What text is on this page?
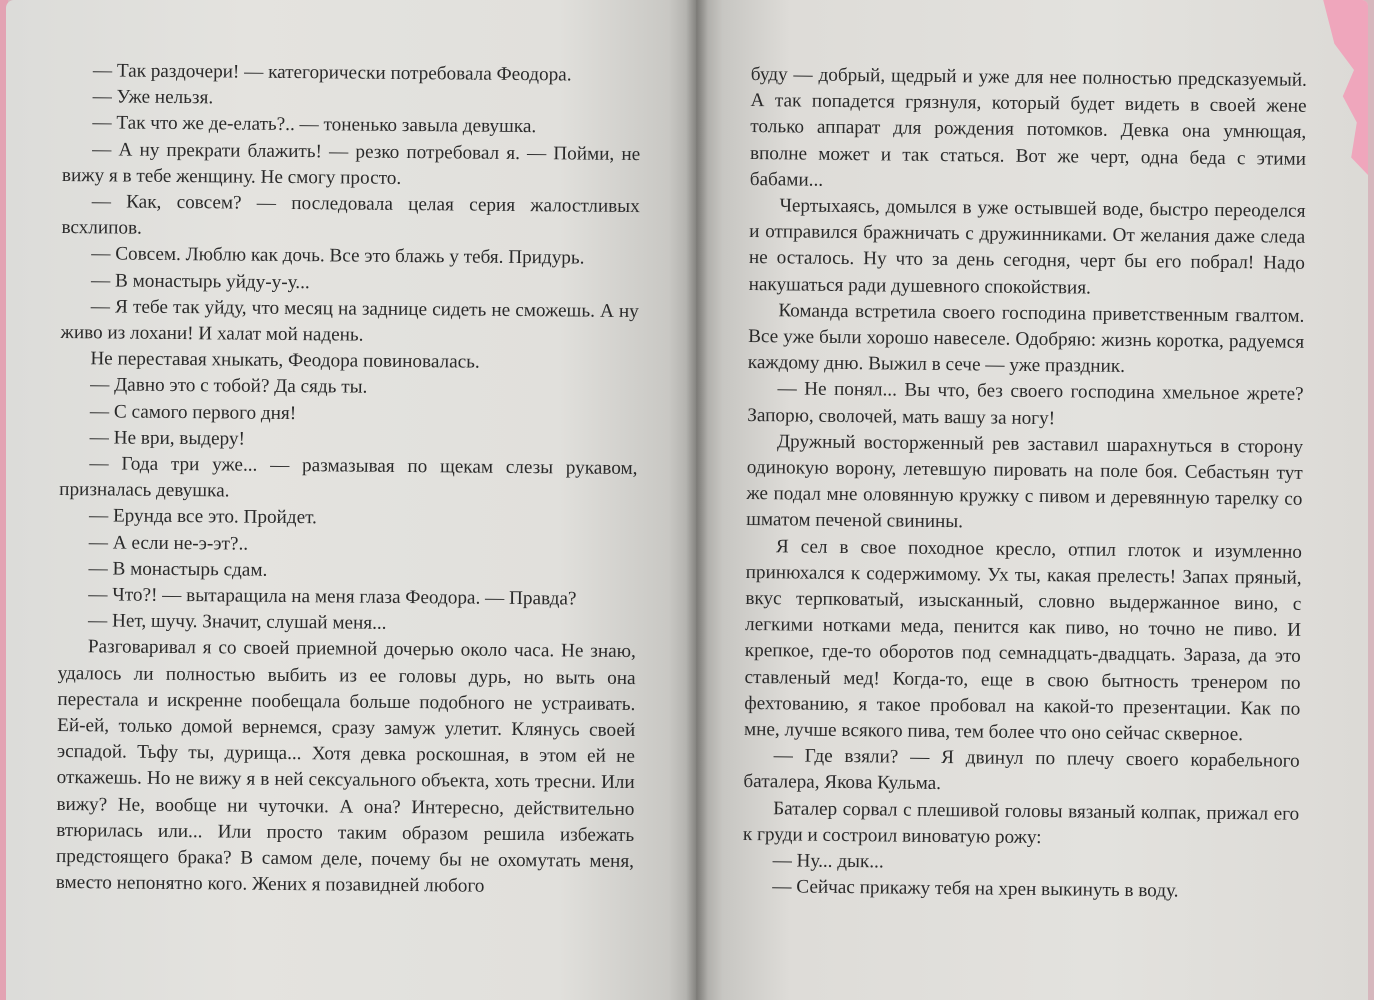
— Так раздочери! — категорически потребовала Феодора.

— Уже нельзя.

— Так что же де-елать?.. — тоненько завыла девушка.

— А ну прекрати блажить! — резко потребовал я. — Пойми, не вижу я в тебе женщину. Не смогу просто.

— Как, совсем? — последовала целая серия жалостливых всхлипов.

— Совсем. Люблю как дочь. Все это блажь у тебя. Придурь.

— В монастырь уйду-у-у...

— Я тебе так уйду, что месяц на заднице сидеть не сможешь. А ну живо из лохани! И халат мой надень.

Не переставая хныкать, Феодора повиновалась.

— Давно это с тобой? Да сядь ты.

— С самого первого дня!

— Не ври, выдеру!

— Года три уже... — размазывая по щекам слезы рукавом, призналась девушка.

— Ерунда все это. Пройдет.

— А если не-э-эт?..

— В монастырь сдам.

— Что?! — вытаращила на меня глаза Феодора. — Правда?

— Нет, шучу. Значит, слушай меня...

Разговаривал я со своей приемной дочерью около часа. Не знаю, удалось ли полностью выбить из ее головы дурь, но выть она перестала и искренне пообещала больше подобного не устраивать. Ей-ей, только домой вернемся, сразу замуж улетит. Клянусь своей эспадой. Тьфу ты, дурища... Хотя девка роскошная, в этом ей не откажешь. Но не вижу я в ней сексуального объекта, хоть тресни. Или вижу? Не, вообще ни чуточки. А она? Интересно, действительно втюрилась или... Или просто таким образом решила избежать предстоящего брака? В самом деле, почему бы не охомутать меня, вместо непонятно кого. Жених я позавидней любого

буду — добрый, щедрый и уже для нее полностью предсказуемый. А так попадется грязнуля, который будет видеть в своей жене только аппарат для рождения потомков. Девка она умнющая, вполне может и так статься. Вот же черт, одна беда с этими бабами...

Чертыхаясь, домылся в уже остывшей воде, быстро переоделся и отправился бражничать с дружинниками. От желания даже следа не осталось. Ну что за день сегодня, черт бы его побрал! Надо накушаться ради душевного спокойствия.

Команда встретила своего господина приветственным гвалтом. Все уже были хорошо навеселе. Одобряю: жизнь коротка, радуемся каждому дню. Выжил в сече — уже праздник.

— Не понял... Вы что, без своего господина хмельное жрете? Запорю, сволочей, мать вашу за ногу!

Дружный восторженный рев заставил шарахнуться в сторону одинокую ворону, летевшую пировать на поле боя. Себастьян тут же подал мне оловянную кружку с пивом и деревянную тарелку со шматом печеной свинины.

Я сел в свое походное кресло, отпил глоток и изумленно принюхался к содержимому. Ух ты, какая прелесть! Запах пряный, вкус терпковатый, изысканный, словно выдержанное вино, с легкими нотками меда, пенится как пиво, но точно не пиво. И крепкое, где-то оборотов под семнадцать-двадцать. Зараза, да это ставленый мед! Когда-то, еще в свою бытность тренером по фехтованию, я такое пробовал на какой-то презентации. Как по мне, лучше всякого пива, тем более что оно сейчас скверное.

— Где взяли? — Я двинул по плечу своего корабельного баталера, Якова Кульма.

Баталер сорвал с плешивой головы вязаный колпак, прижал его к груди и состроил виноватую рожу:

— Ну... дык...

— Сейчас прикажу тебя на хрен выкинуть в воду.
